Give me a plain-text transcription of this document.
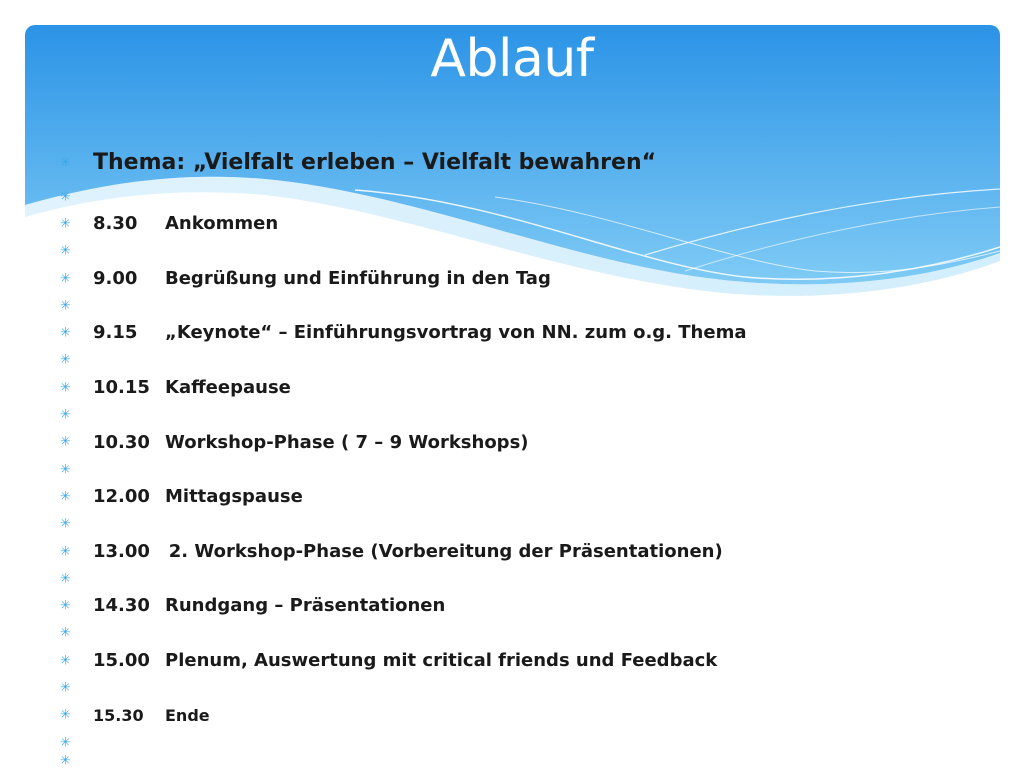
Ablauf
✳ Thema: „Vielfalt erleben – Vielfalt bewahren“
✳
✳ 8.30 Ankommen
✳
✳ 9.00 Begrüßung und Einführung in den Tag
✳
✳ 9.15 „Keynote“ – Einführungsvortrag von NN. zum o.g. Thema
✳
✳ 10.15 Kaffeepause
✳
✳ 10.30 Workshop-Phase ( 7 – 9 Workshops)
✳
✳ 12.00 Mittagspause
✳
✳ 13.00 2. Workshop-Phase (Vorbereitung der Präsentationen)
✳
✳ 14.30 Rundgang – Präsentationen
✳
✳ 15.00 Plenum, Auswertung mit critical friends und Feedback
✳
✳ 15.30 Ende
✳
✳
